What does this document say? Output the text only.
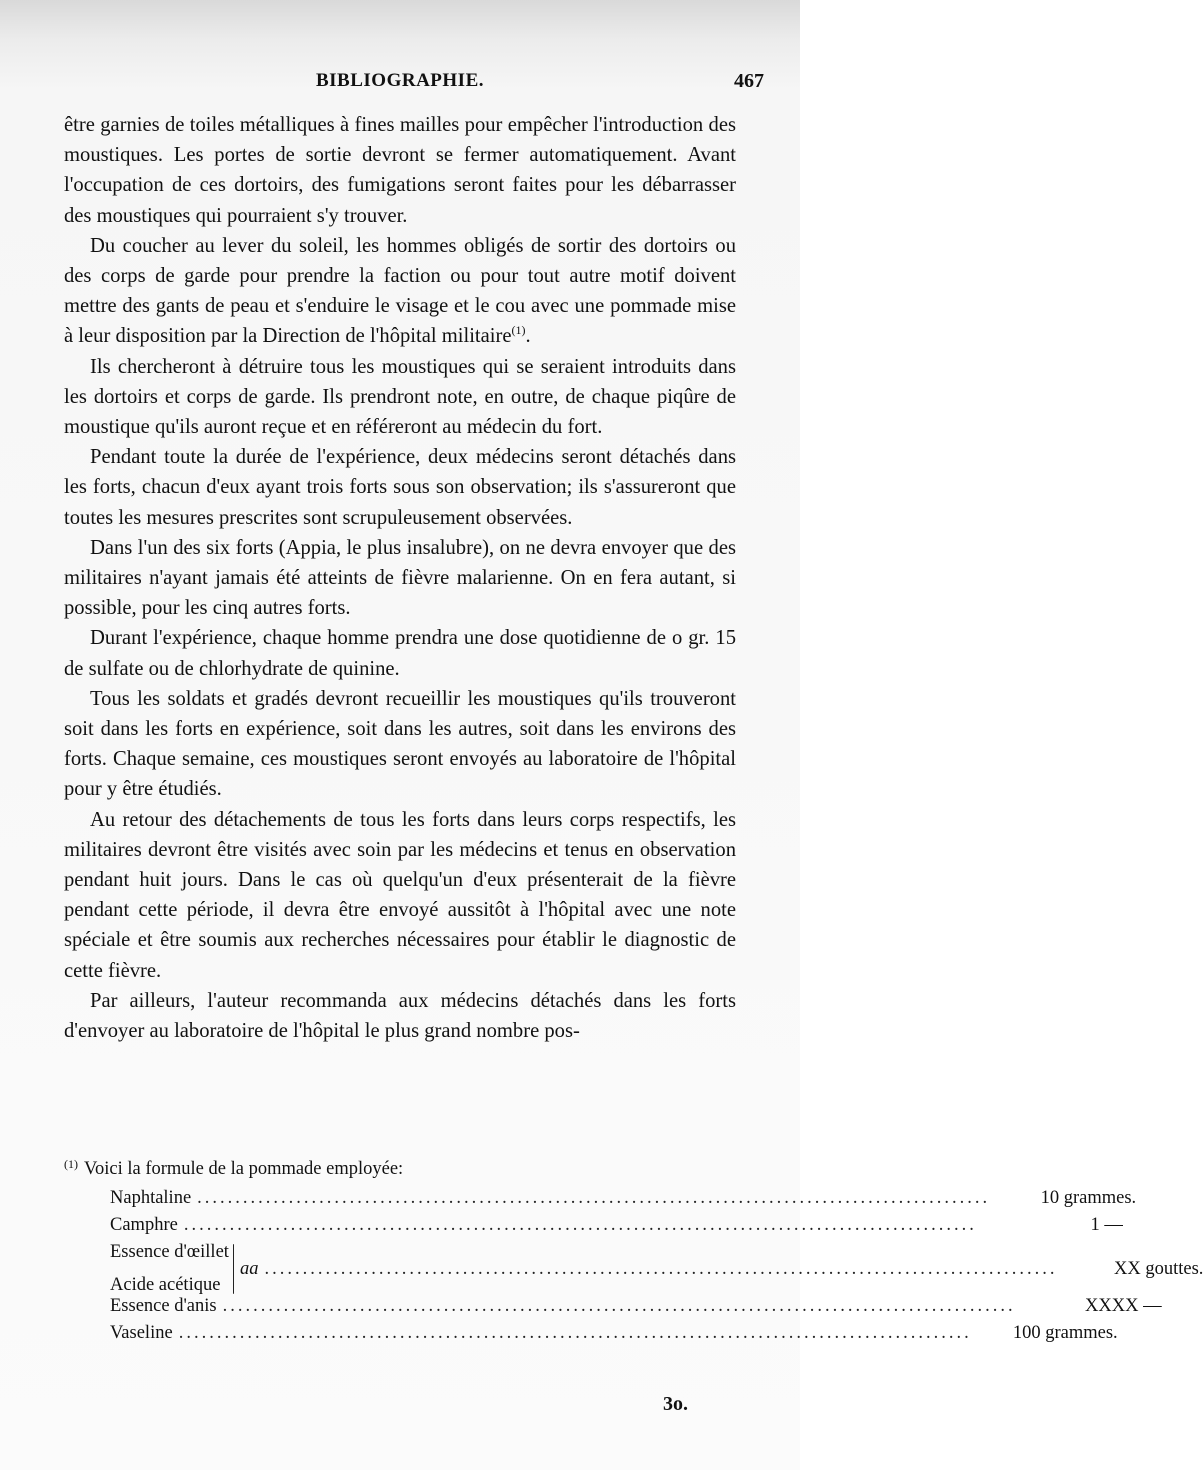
BIBLIOGRAPHIE.	467

être garnies de toiles métalliques à fines mailles pour empêcher l'introduction des moustiques. Les portes de sortie devront se fermer automatiquement. Avant l'occupation de ces dortoirs, des fumigations seront faites pour les débarrasser des moustiques qui pourraient s'y trouver.

Du coucher au lever du soleil, les hommes obligés de sortir des dortoirs ou des corps de garde pour prendre la faction ou pour tout autre motif doivent mettre des gants de peau et s'enduire le visage et le cou avec une pommade mise à leur disposition par la Direction de l'hôpital militaire$^{(1)}$.

Ils chercheront à détruire tous les moustiques qui se seraient introduits dans les dortoirs et corps de garde. Ils prendront note, en outre, de chaque piqûre de moustique qu'ils auront reçue et en référeront au médecin du fort.

Pendant toute la durée de l'expérience, deux médecins seront détachés dans les forts, chacun d'eux ayant trois forts sous son observation; ils s'assureront que toutes les mesures prescrites sont scrupuleusement observées.

Dans l'un des six forts (Appia, le plus insalubre), on ne devra envoyer que des militaires n'ayant jamais été atteints de fièvre malarienne. On en fera autant, si possible, pour les cinq autres forts.

Durant l'expérience, chaque homme prendra une dose quotidienne de o gr. 15 de sulfate ou de chlorhydrate de quinine.

Tous les soldats et gradés devront recueillir les moustiques qu'ils trouveront soit dans les forts en expérience, soit dans les autres, soit dans les environs des forts. Chaque semaine, ces moustiques seront envoyés au laboratoire de l'hôpital pour y être étudiés.

Au retour des détachements de tous les forts dans leurs corps respectifs, les militaires devront être visités avec soin par les médecins et tenus en observation pendant huit jours. Dans le cas où quelqu'un d'eux présenterait de la fièvre pendant cette période, il devra être envoyé aussitôt à l'hôpital avec une note spéciale et être soumis aux recherches nécessaires pour établir le diagnostic de cette fièvre.

Par ailleurs, l'auteur recommanda aux médecins détachés dans les forts d'envoyer au laboratoire de l'hôpital le plus grand nombre pos-

$^{(1)}$ Voici la formule de la pommade employée:

Naphtaline .....	10 grammes.
Camphre .....	1 —
Essence d'œillet
Acide acétique
aa .....	XX gouttes.
Essence d'anis .....	XXXX —
Vaseline .....	100 grammes.
3o.
